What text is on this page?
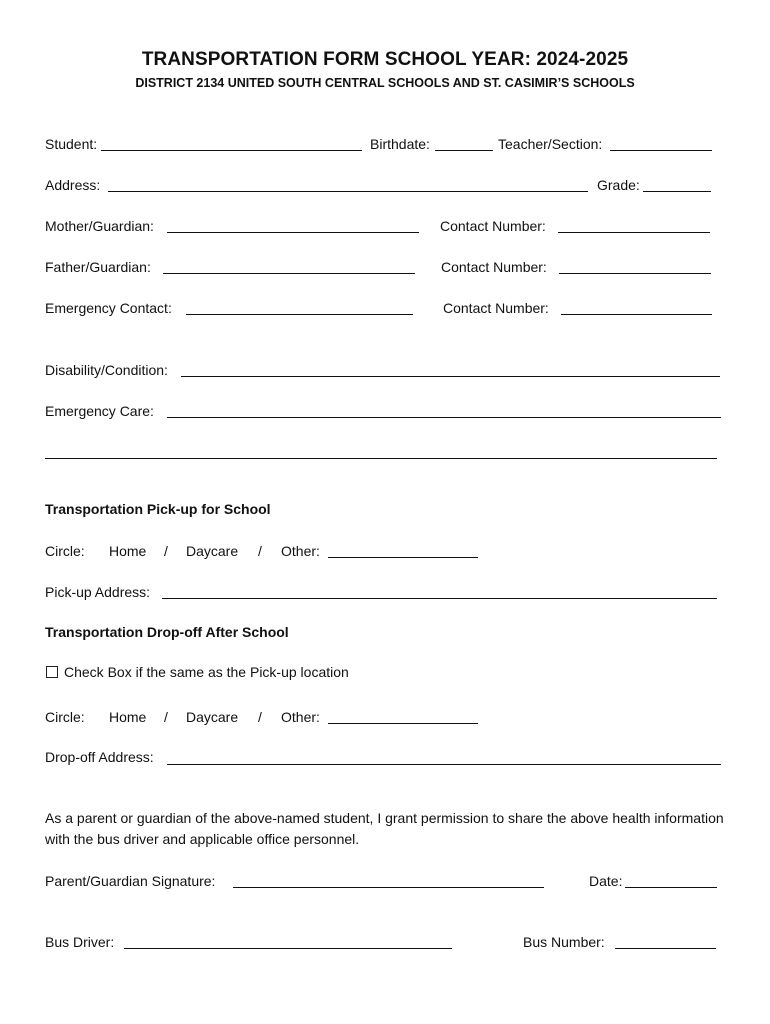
TRANSPORTATION FORM SCHOOL YEAR: 2024-2025
DISTRICT 2134 UNITED SOUTH CENTRAL SCHOOLS AND ST. CASIMIR’S SCHOOLS
Student:	Birthdate:	Teacher/Section:
Address:	Grade:
Mother/Guardian:	Contact Number:
Father/Guardian:	Contact Number:
Emergency Contact:	Contact Number:
Disability/Condition:
Emergency Care:
Transportation Pick-up for School
Circle: Home / Daycare / Other:
Pick-up Address:
Transportation Drop-off After School
Check Box if the same as the Pick-up location
Circle: Home / Daycare / Other:
Drop-off Address:
As a parent or guardian of the above-named student, I grant permission to share the above health information with the bus driver and applicable office personnel.
Parent/Guardian Signature:	Date:
Bus Driver:	Bus Number:
